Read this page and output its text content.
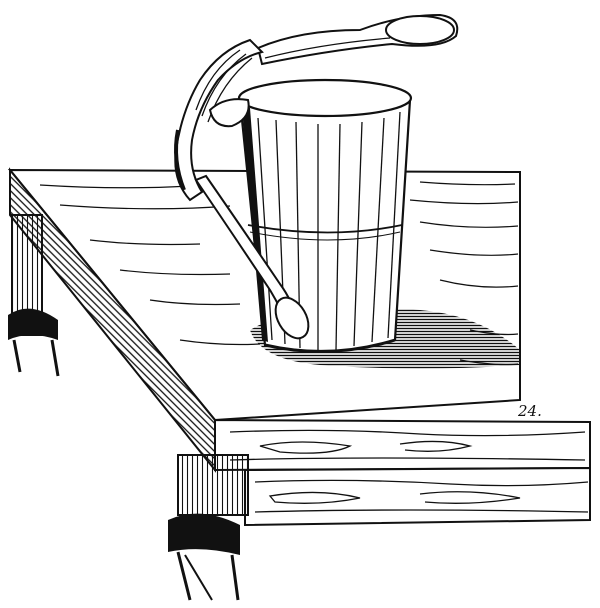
24.
